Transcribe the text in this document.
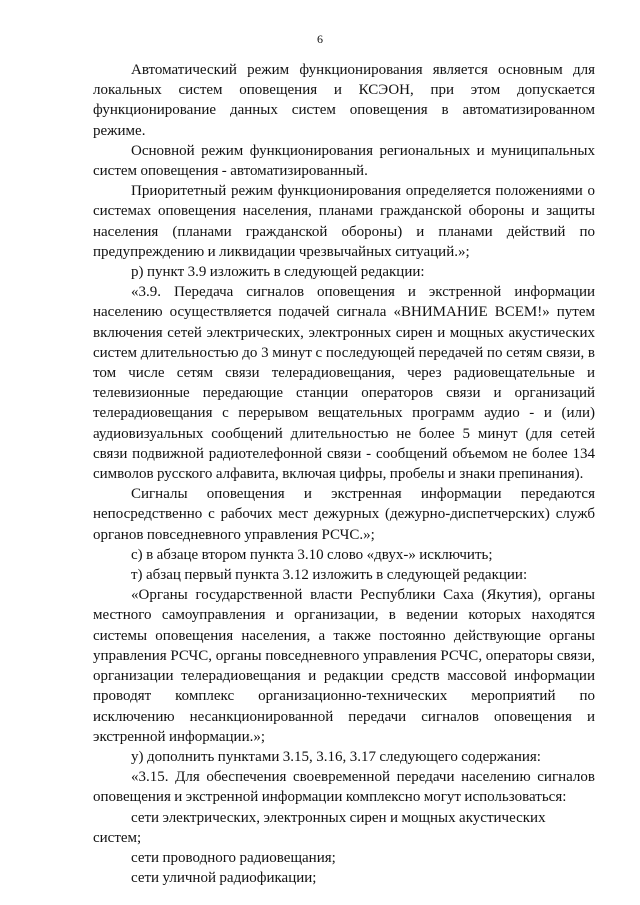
6

Автоматический режим функционирования является основным для локальных систем оповещения и КСЭОН, при этом допускается функционирование данных систем оповещения в автоматизированном режиме.

Основной режим функционирования региональных и муниципальных систем оповещения - автоматизированный.

Приоритетный режим функционирования определяется положениями о системах оповещения населения, планами гражданской обороны и защиты населения (планами гражданской обороны) и планами действий по предупреждению и ликвидации чрезвычайных ситуаций.»;

р) пункт 3.9 изложить в следующей редакции:

«3.9. Передача сигналов оповещения и экстренной информации населению осуществляется подачей сигнала «ВНИМАНИЕ ВСЕМ!» путем включения сетей электрических, электронных сирен и мощных акустических систем длительностью до 3 минут с последующей передачей по сетям связи, в том числе сетям связи телерадиовещания, через радиовещательные и телевизионные передающие станции операторов связи и организаций телерадиовещания с перерывом вещательных программ аудио - и (или) аудиовизуальных сообщений длительностью не более 5 минут (для сетей связи подвижной радиотелефонной связи - сообщений объемом не более 134 символов русского алфавита, включая цифры, пробелы и знаки препинания).

Сигналы оповещения и экстренная информации передаются непосредственно с рабочих мест дежурных (дежурно-диспетчерских) служб органов повседневного управления РСЧС.»;

с) в абзаце втором пункта 3.10 слово «двух-» исключить;

т) абзац первый пункта 3.12 изложить в следующей редакции:

«Органы государственной власти Республики Саха (Якутия), органы местного самоуправления и организации, в ведении которых находятся системы оповещения населения, а также постоянно действующие органы управления РСЧС, органы повседневного управления РСЧС, операторы связи, организации телерадиовещания и редакции средств массовой информации проводят комплекс организационно-технических мероприятий по исключению несанкционированной передачи сигналов оповещения и экстренной информации.»;

у) дополнить пунктами 3.15, 3.16, 3.17 следующего содержания:

«3.15. Для обеспечения своевременной передачи населению сигналов оповещения и экстренной информации комплексно могут использоваться:

сети электрических, электронных сирен и мощных акустических систем;

сети проводного радиовещания;

сети уличной радиофикации;
